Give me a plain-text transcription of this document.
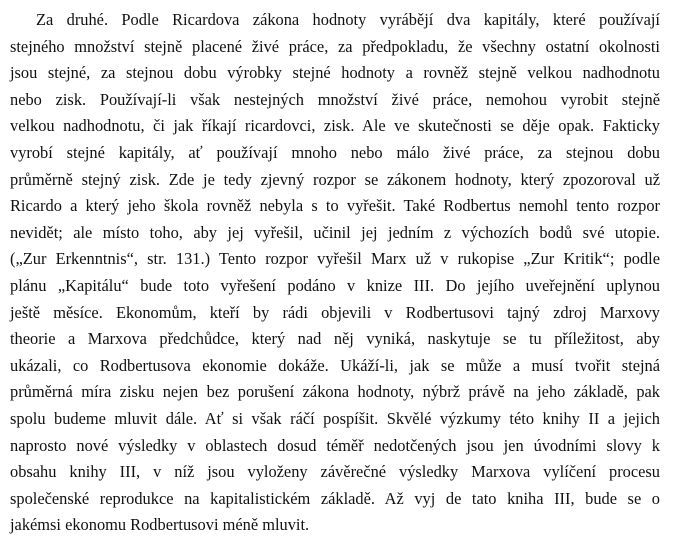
Za druhé. Podle Ricardova zákona hodnoty vyrábějí dva kapitály, které používají
stejného množství stejně placené živé práce, za předpokladu, že všechny ostatní okolnosti
jsou stejné, za stejnou dobu výrobky stejné hodnoty a rovněž stejně velkou nadhodnotu
nebo zisk. Používají-li však nestejných množství živé práce, nemohou vyrobit stejně
velkou nadhodnotu, či jak říkají ricardovci, zisk. Ale ve skutečnosti se děje opak. Fakticky
vyrobí stejné kapitály, ať používají mnoho nebo málo živé práce, za stejnou dobu
průměrně stejný zisk. Zde je tedy zjevný rozpor se zákonem hodnoty, který zpozoroval už
Ricardo a který jeho škola rovněž nebyla s to vyřešit. Také Rodbertus nemohl tento rozpor
nevidět; ale místo toho, aby jej vyřešil, učinil jej jedním z výchozích bodů své utopie.
(„Zur Erkenntnis“, str. 131.) Tento rozpor vyřešil Marx už v rukopise „Zur Kritik“; podle
plánu „Kapitálu“ bude toto vyřešení podáno v knize III. Do jejího uveřejnění uplynou
ještě měsíce. Ekonomům, kteří by rádi objevili v Rodbertusovi tajný zdroj Marxovy
theorie a Marxova předchůdce, který nad něj vyniká, naskytuje se tu příležitost, aby
ukázali, co Rodbertusova ekonomie dokáže. Ukáží-li, jak se může a musí tvořit stejná
průměrná míra zisku nejen bez porušení zákona hodnoty, nýbrž právě na jeho základě, pak
spolu budeme mluvit dále. Ať si však ráčí pospíšit. Skvělé výzkumy této knihy II a jejich
naprosto nové výsledky v oblastech dosud téměř nedotčených jsou jen úvodními slovy k
obsahu knihy III, v níž jsou vyloženy závěrečné výsledky Marxova vylíčení procesu
společenské reprodukce na kapitalistickém základě. Až vyj de tato kniha III, bude se o
jakémsi ekonomu Rodbertusovi méně mluvit.
